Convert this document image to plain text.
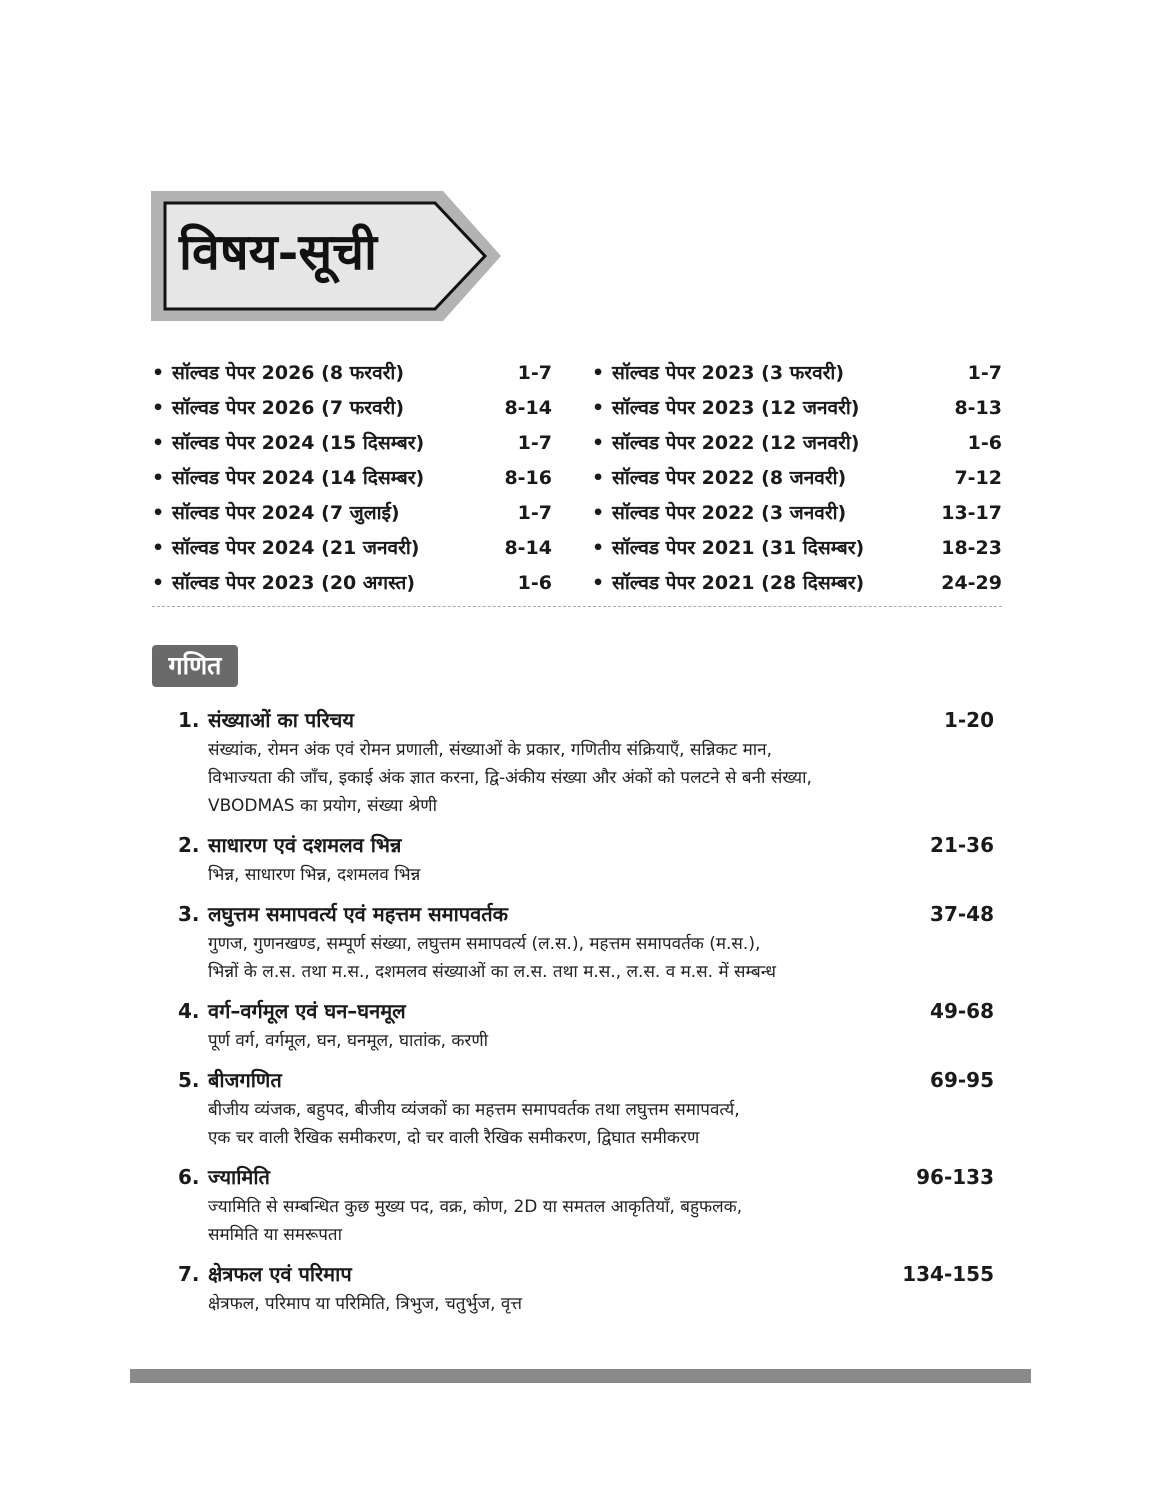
विषय-सूची
• सॉल्वड पेपर 2026 (8 फरवरी)	1-7
• सॉल्वड पेपर 2026 (7 फरवरी)	8-14
• सॉल्वड पेपर 2024 (15 दिसम्बर)	1-7
• सॉल्वड पेपर 2024 (14 दिसम्बर)	8-16
• सॉल्वड पेपर 2024 (7 जुलाई)	1-7
• सॉल्वड पेपर 2024 (21 जनवरी)	8-14
• सॉल्वड पेपर 2023 (20 अगस्त)	1-6
• सॉल्वड पेपर 2023 (3 फरवरी)	1-7
• सॉल्वड पेपर 2023 (12 जनवरी)	8-13
• सॉल्वड पेपर 2022 (12 जनवरी)	1-6
• सॉल्वड पेपर 2022 (8 जनवरी)	7-12
• सॉल्वड पेपर 2022 (3 जनवरी)	13-17
• सॉल्वड पेपर 2021 (31 दिसम्बर)	18-23
• सॉल्वड पेपर 2021 (28 दिसम्बर)	24-29
गणित
1. संख्याओं का परिचय	1-20
संख्यांक, रोमन अंक एवं रोमन प्रणाली, संख्याओं के प्रकार, गणितीय संक्रियाएँ, सन्निकट मान,
विभाज्यता की जाँच, इकाई अंक ज्ञात करना, द्वि-अंकीय संख्या और अंकों को पलटने से बनी संख्या,
VBODMAS का प्रयोग, संख्या श्रेणी
2. साधारण एवं दशमलव भिन्न	21-36
भिन्न, साधारण भिन्न, दशमलव भिन्न
3. लघुत्तम समापवर्त्य एवं महत्तम समापवर्तक	37-48
गुणज, गुणनखण्ड, सम्पूर्ण संख्या, लघुत्तम समापवर्त्य (ल.स.), महत्तम समापवर्तक (म.स.),
भिन्नों के ल.स. तथा म.स., दशमलव संख्याओं का ल.स. तथा म.स., ल.स. व म.स. में सम्बन्ध
4. वर्ग–वर्गमूल एवं घन–घनमूल	49-68
पूर्ण वर्ग, वर्गमूल, घन, घनमूल, घातांक, करणी
5. बीजगणित	69-95
बीजीय व्यंजक, बहुपद, बीजीय व्यंजकों का महत्तम समापवर्तक तथा लघुत्तम समापवर्त्य,
एक चर वाली रैखिक समीकरण, दो चर वाली रैखिक समीकरण, द्विघात समीकरण
6. ज्यामिति	96-133
ज्यामिति से सम्बन्धित कुछ मुख्य पद, वक्र, कोण, 2D या समतल आकृतियाँ, बहुफलक,
सममिति या समरूपता
7. क्षेत्रफल एवं परिमाप	134-155
क्षेत्रफल, परिमाप या परिमिति, त्रिभुज, चतुर्भुज, वृत्त
